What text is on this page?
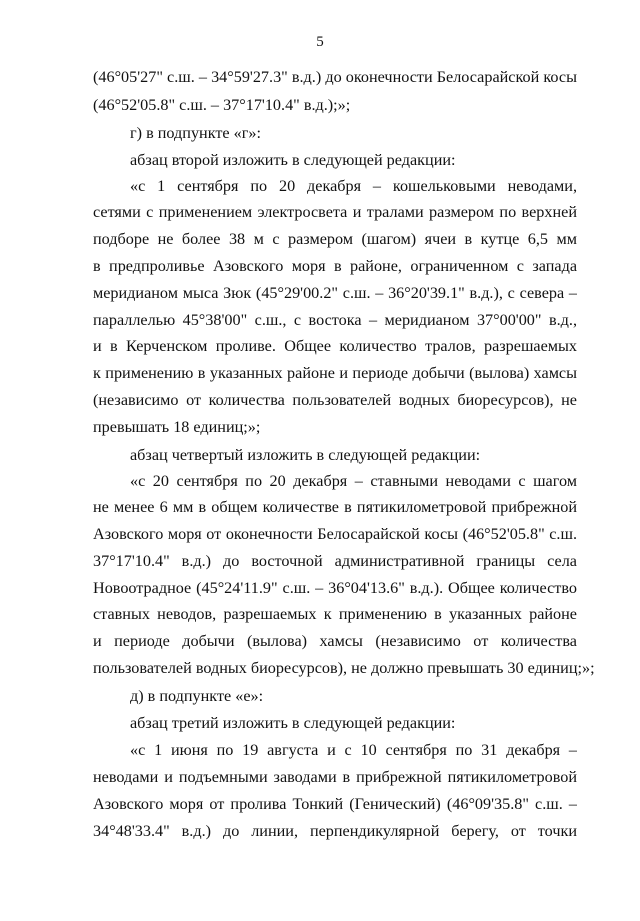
5
(46°05'27" с.ш. – 34°59'27.3" в.д.) до оконечности Белосарайской косы
(46°52'05.8" с.ш. – 37°17'10.4" в.д.);»;
г) в подпункте «г»:
абзац второй изложить в следующей редакции:
«с 1 сентября по 20 декабря – кошельковыми неводами,
сетями с применением электросвета и тралами размером по верхней
подборе не более 38 м с размером (шагом) ячеи в кутце 6,5 мм
в предпроливье Азовского моря в районе, ограниченном с запада
меридианом мыса Зюк (45°29'00.2" с.ш. – 36°20'39.1" в.д.), с севера –
параллелью 45°38'00" с.ш., с востока – меридианом 37°00'00" в.д.,
и в Керченском проливе. Общее количество тралов, разрешаемых
к применению в указанных районе и периоде добычи (вылова) хамсы
(независимо от количества пользователей водных биоресурсов), не
превышать 18 единиц;»;
абзац четвертый изложить в следующей редакции:
«с 20 сентября по 20 декабря – ставными неводами с шагом
не менее 6 мм в общем количестве в пятикилометровой прибрежной
Азовского моря от оконечности Белосарайской косы (46°52'05.8" с.ш.
37°17'10.4" в.д.) до восточной административной границы села
Новоотрадное (45°24'11.9" с.ш. – 36°04'13.6" в.д.). Общее количество
ставных неводов, разрешаемых к применению в указанных районе
и периоде добычи (вылова) хамсы (независимо от количества
пользователей водных биоресурсов), не должно превышать 30 единиц;»;
д) в подпункте «е»:
абзац третий изложить в следующей редакции:
«с 1 июня по 19 августа и с 10 сентября по 31 декабря –
неводами и подъемными заводами в прибрежной пятикилометровой
Азовского моря от пролива Тонкий (Генический) (46°09'35.8" с.ш. –
34°48'33.4" в.д.) до линии, перпендикулярной берегу, от точки
